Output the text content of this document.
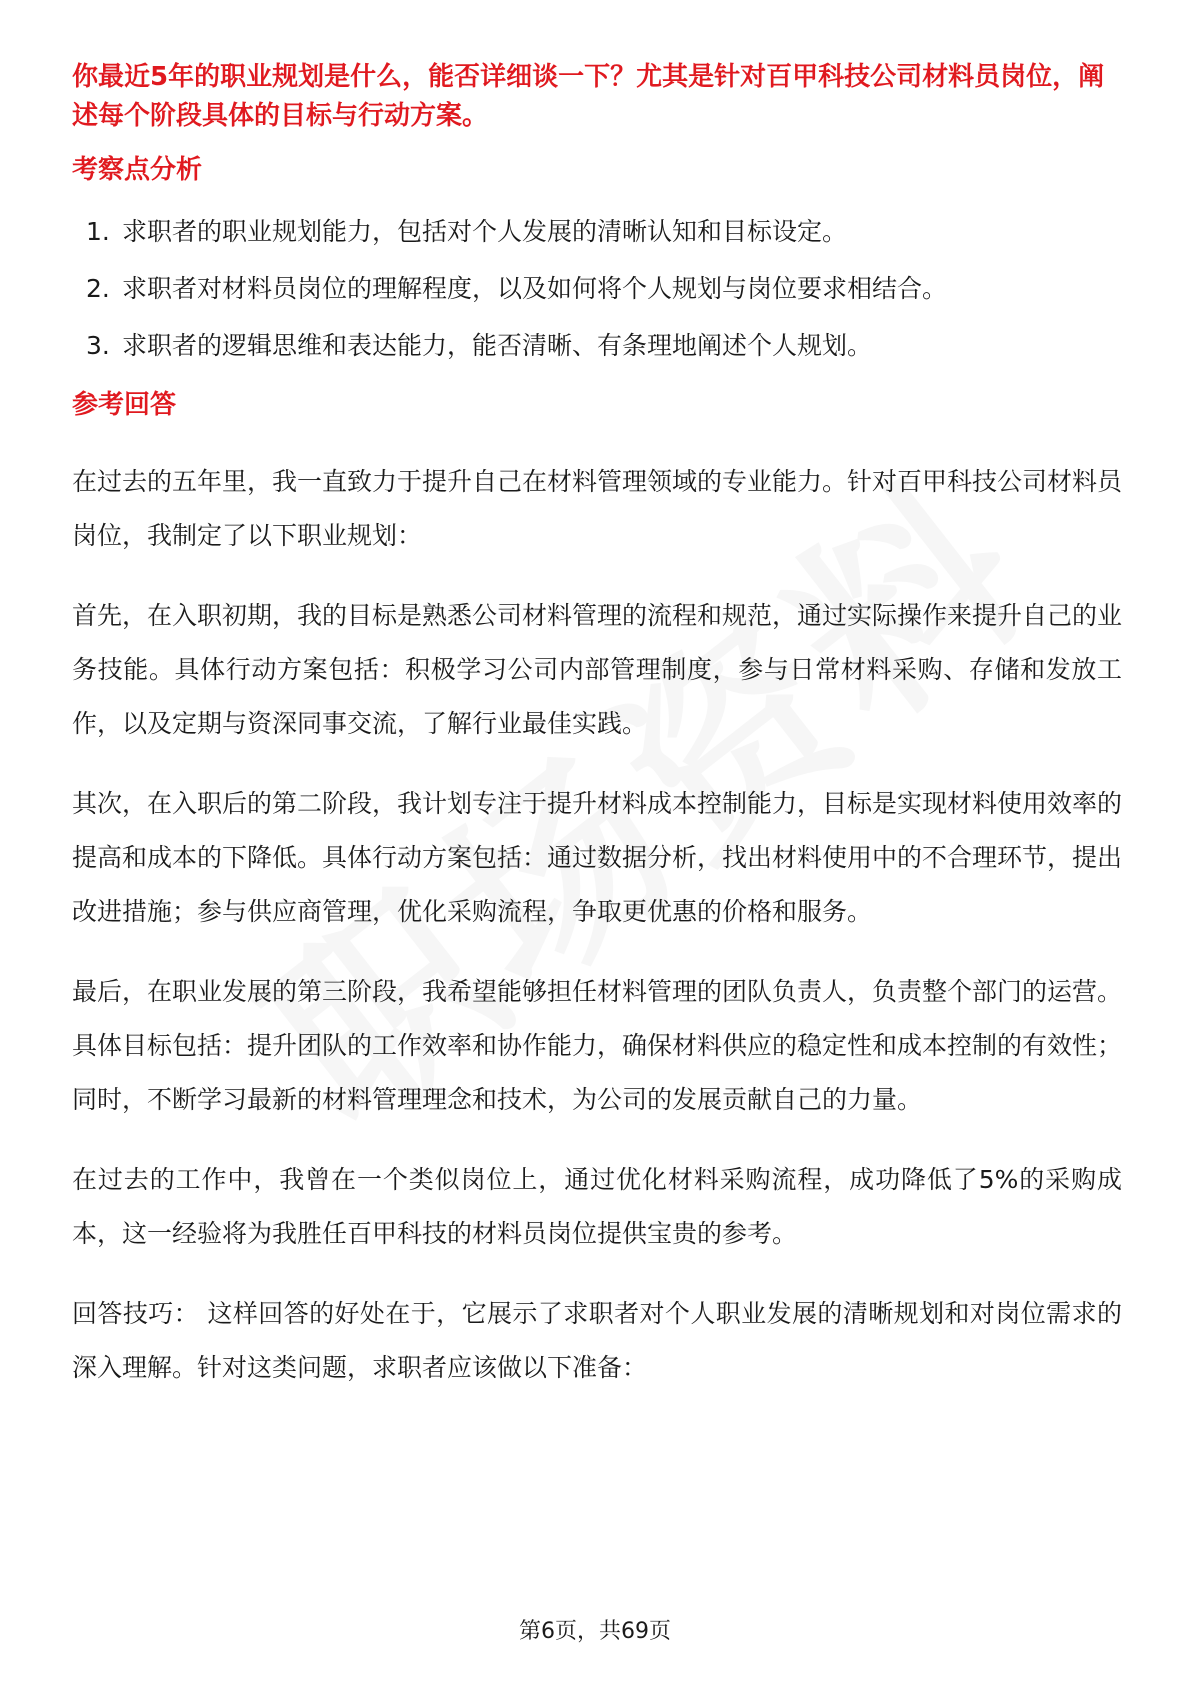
你最近5年的职业规划是什么，能否详细谈一下？尤其是针对百甲科技公司材料员岗位，阐述每个阶段具体的目标与行动方案。
考察点分析
1. 求职者的职业规划能力，包括对个人发展的清晰认知和目标设定。
2. 求职者对材料员岗位的理解程度，以及如何将个人规划与岗位要求相结合。
3. 求职者的逻辑思维和表达能力，能否清晰、有条理地阐述个人规划。
参考回答

在过去的五年里，我一直致力于提升自己在材料管理领域的专业能力。针对百甲科技公司材料员岗位，我制定了以下职业规划：

首先，在入职初期，我的目标是熟悉公司材料管理的流程和规范，通过实际操作来提升自己的业务技能。具体行动方案包括：积极学习公司内部管理制度，参与日常材料采购、存储和发放工作，以及定期与资深同事交流，了解行业最佳实践。

其次，在入职后的第二阶段，我计划专注于提升材料成本控制能力，目标是实现材料使用效率的提高和成本的下降低。具体行动方案包括：通过数据分析，找出材料使用中的不合理环节，提出改进措施；参与供应商管理，优化采购流程，争取更优惠的价格和服务。

最后，在职业发展的第三阶段，我希望能够担任材料管理的团队负责人，负责整个部门的运营。具体目标包括：提升团队的工作效率和协作能力，确保材料供应的稳定性和成本控制的有效性；同时，不断学习最新的材料管理理念和技术，为公司的发展贡献自己的力量。

在过去的工作中，我曾在一个类似岗位上，通过优化材料采购流程，成功降低了5%的采购成本，这一经验将为我胜任百甲科技的材料员岗位提供宝贵的参考。

回答技巧： 这样回答的好处在于，它展示了求职者对个人职业发展的清晰规划和对岗位需求的深入理解。针对这类问题，求职者应该做以下准备：

第6页，共69页
